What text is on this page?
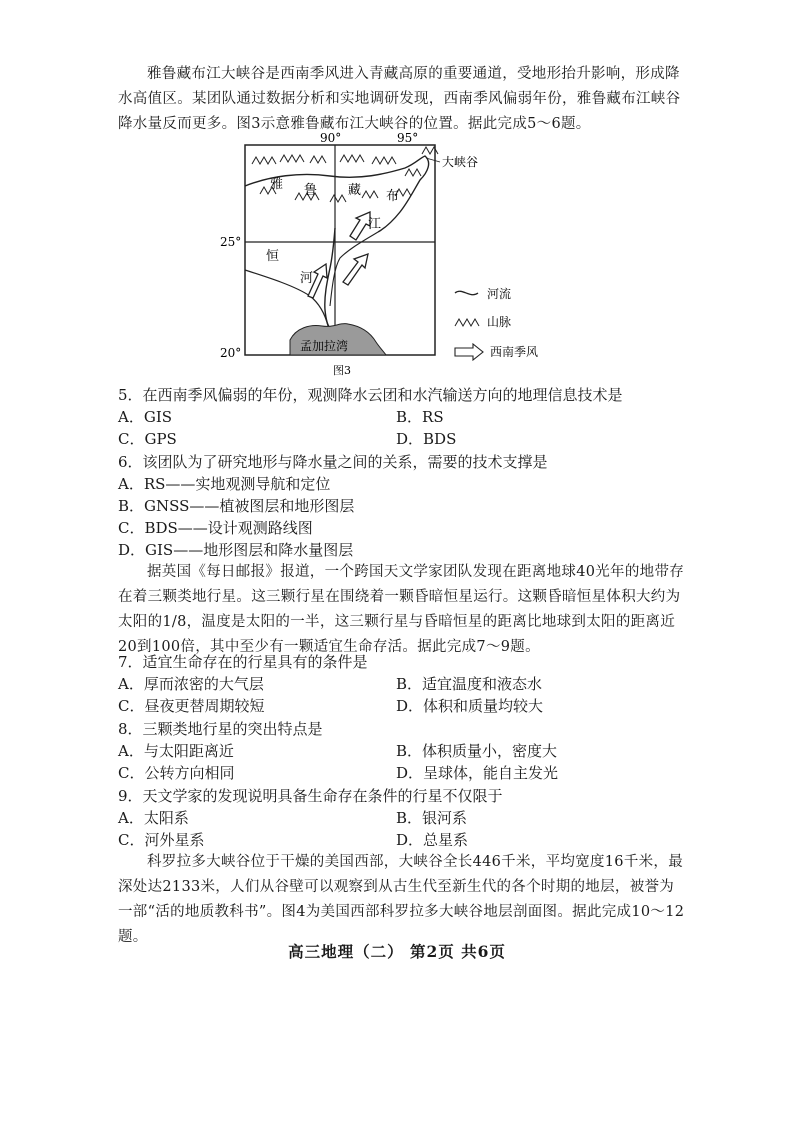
雅鲁藏布江大峡谷是西南季风进入青藏高原的重要通道，受地形抬升影响，形成降水高值区。某团队通过数据分析和实地调研发现，西南季风偏弱年份，雅鲁藏布江峡谷降水量反而更多。图3示意雅鲁藏布江大峡谷的位置。据此完成5～6题。

90°	95°
25°
20°	孟加拉湾
雅 鲁 藏 布
江
恒
河
大峡谷
河流
山脉
西南季风
图3
5．在西南季风偏弱的年份，观测降水云团和水汽输送方向的地理信息技术是
A．GIS	B．RS
C．GPS	D．BDS
6．该团队为了研究地形与降水量之间的关系，需要的技术支撑是
A．RS——实地观测导航和定位
B．GNSS——植被图层和地形图层
C．BDS——设计观测路线图
D．GIS——地形图层和降水量图层

据英国《每日邮报》报道，一个跨国天文学家团队发现在距离地球40光年的地带存在着三颗类地行星。这三颗行星在围绕着一颗昏暗恒星运行。这颗昏暗恒星体积大约为太阳的1/8，温度是太阳的一半，这三颗行星与昏暗恒星的距离比地球到太阳的距离近20到100倍，其中至少有一颗适宜生命存活。据此完成7～9题。

7．适宜生命存在的行星具有的条件是
A．厚而浓密的大气层	B．适宜温度和液态水
C．昼夜更替周期较短	D．体积和质量均较大
8．三颗类地行星的突出特点是
A．与太阳距离近	B．体积质量小，密度大
C．公转方向相同	D．呈球体，能自主发光
9．天文学家的发现说明具备生命存在条件的行星不仅限于
A．太阳系	B．银河系
C．河外星系	D．总星系

科罗拉多大峡谷位于干燥的美国西部，大峡谷全长446千米，平均宽度16千米，最深处达2133米，人们从谷壁可以观察到从古生代至新生代的各个时期的地层，被誉为一部“活的地质教科书”。图4为美国西部科罗拉多大峡谷地层剖面图。据此完成10～12题。

高三地理（二） 第2页 共6页
